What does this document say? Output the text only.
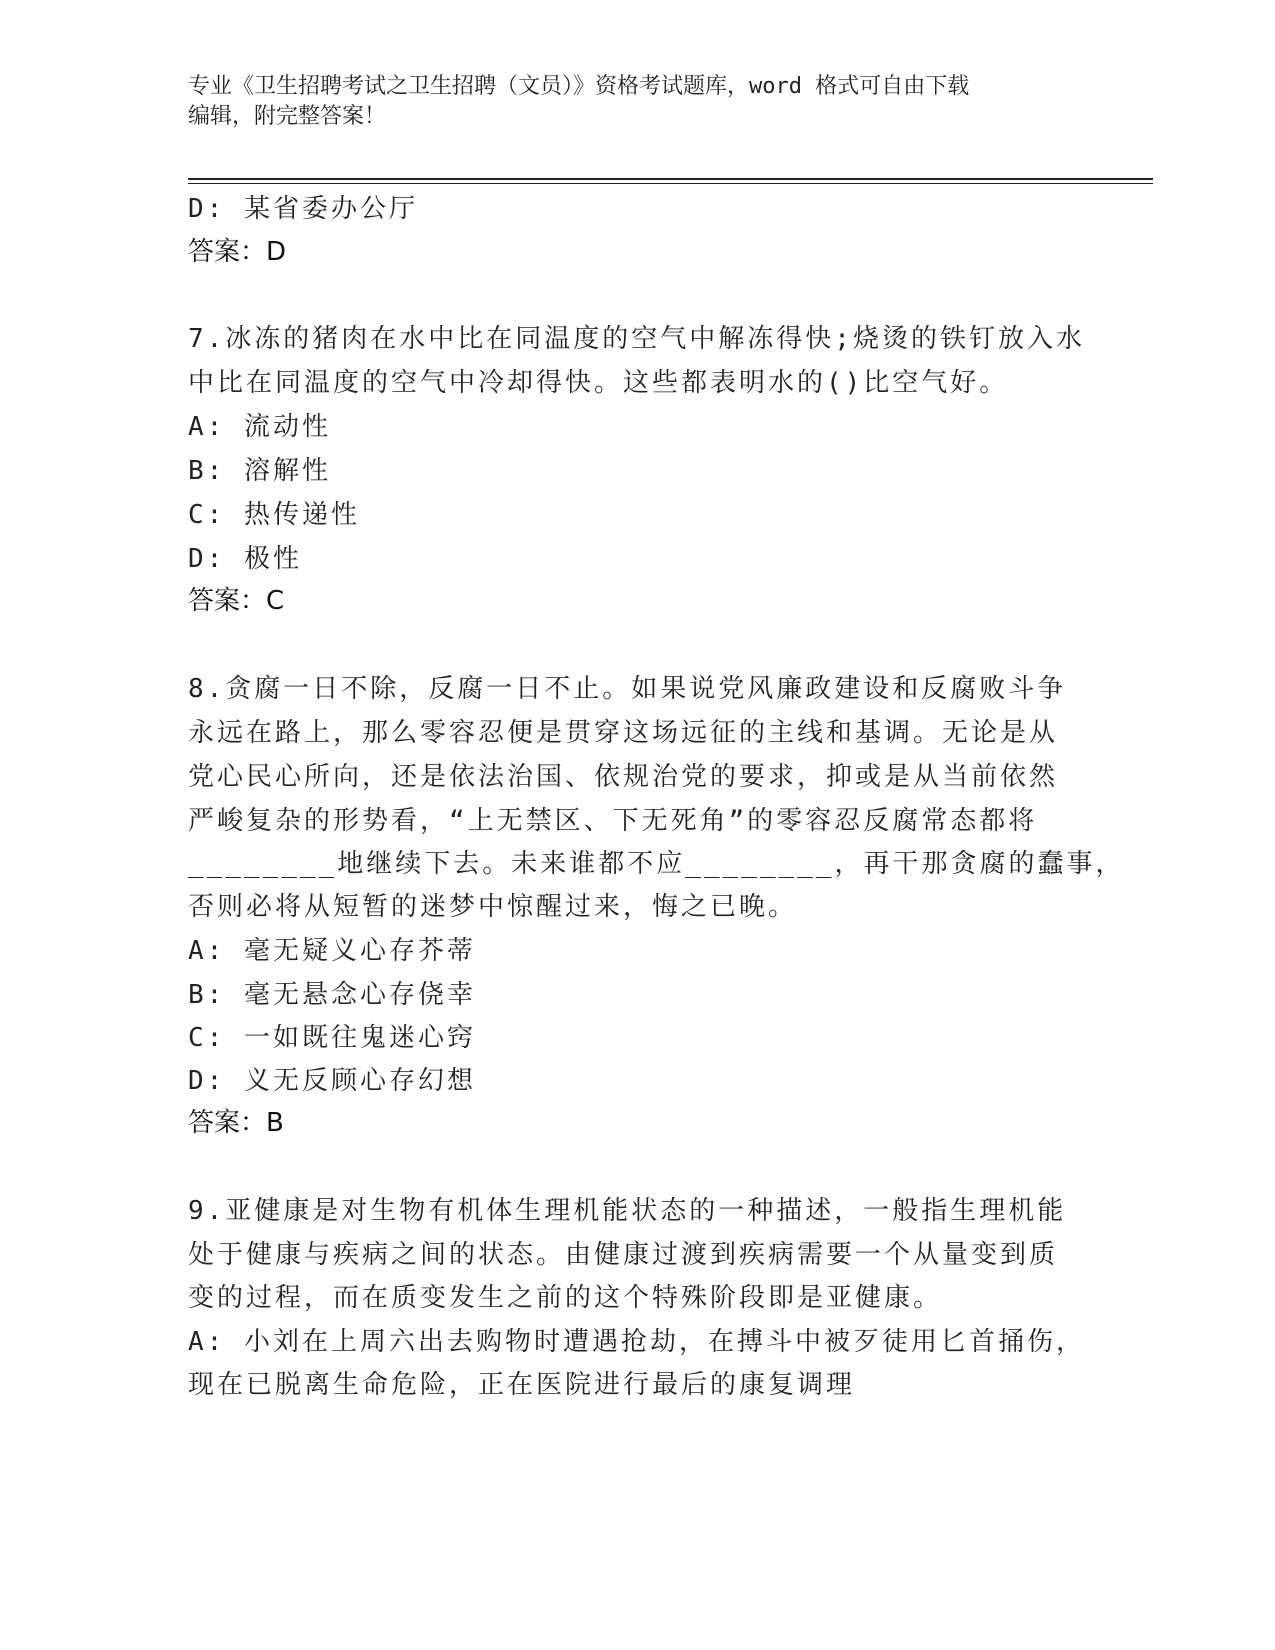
专业《卫生招聘考试之卫生招聘（文员）》资格考试题库，word 格式可自由下载
编辑，附完整答案！
D: 某省委办公厅
答案：D
7.冰冻的猪肉在水中比在同温度的空气中解冻得快;烧烫的铁钉放入水
中比在同温度的空气中冷却得快。这些都表明水的()比空气好。
A: 流动性
B: 溶解性
C: 热传递性
D: 极性
答案：C
8.贪腐一日不除，反腐一日不止。如果说党风廉政建设和反腐败斗争
永远在路上，那么零容忍便是贯穿这场远征的主线和基调。无论是从
党心民心所向，还是依法治国、依规治党的要求，抑或是从当前依然
严峻复杂的形势看，“上无禁区、下无死角”的零容忍反腐常态都将
________地继续下去。未来谁都不应________，再干那贪腐的蠢事，
否则必将从短暂的迷梦中惊醒过来，悔之已晚。
A: 毫无疑义心存芥蒂
B: 毫无悬念心存侥幸
C: 一如既往鬼迷心窍
D: 义无反顾心存幻想
答案：B
9.亚健康是对生物有机体生理机能状态的一种描述，一般指生理机能
处于健康与疾病之间的状态。由健康过渡到疾病需要一个从量变到质
变的过程，而在质变发生之前的这个特殊阶段即是亚健康。
A: 小刘在上周六出去购物时遭遇抢劫，在搏斗中被歹徒用匕首捅伤，
现在已脱离生命危险，正在医院进行最后的康复调理
